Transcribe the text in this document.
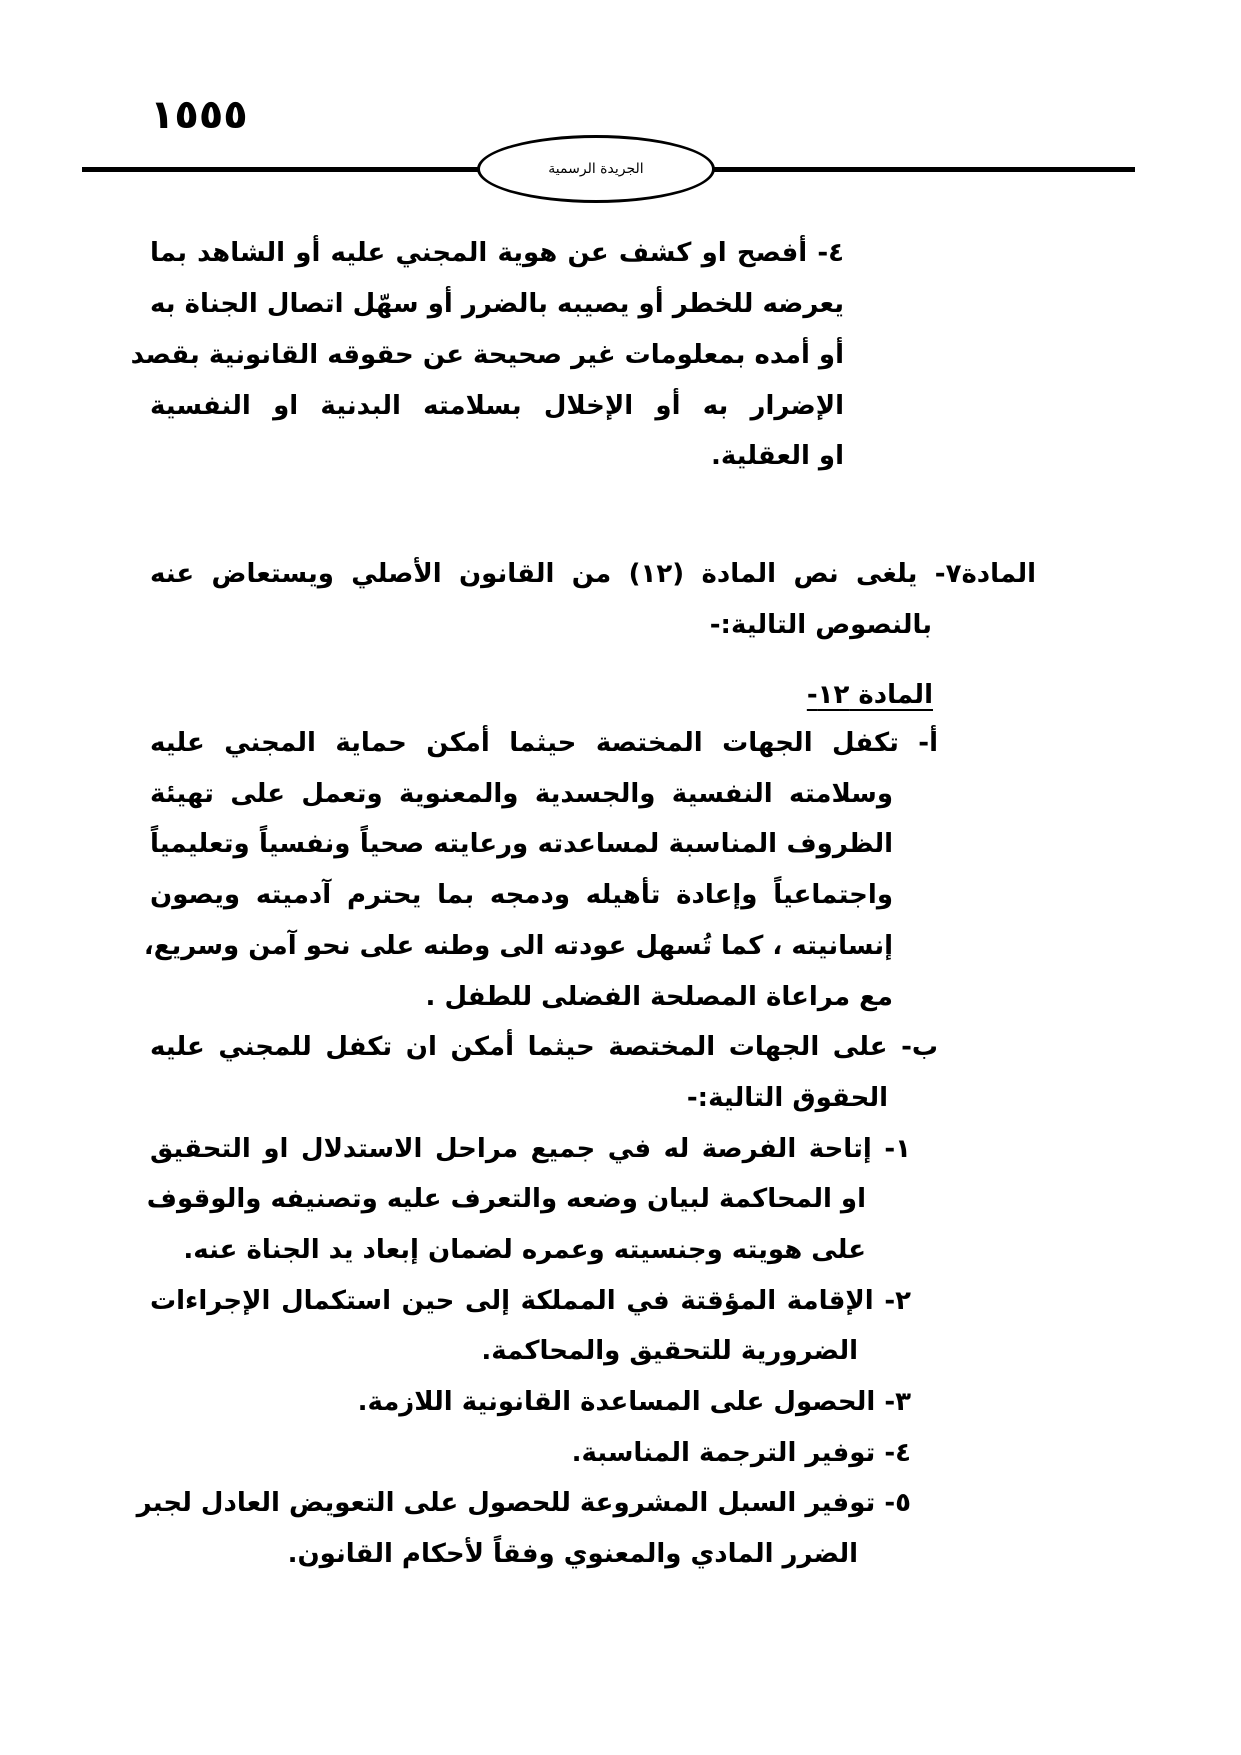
١٥٥٥
الجريدة الرسمية
٤- أفصح او كشف عن هوية المجني عليه أو الشاهد بما
يعرضه للخطر أو يصيبه بالضرر أو سهّل اتصال الجناة به
أو أمده بمعلومات غير صحيحة عن حقوقه القانونية بقصد
الإضرار به أو الإخلال بسلامته البدنية او النفسية
او العقلية.
المادة٧- يلغى نص المادة (١٢) من القانون الأصلي ويستعاض عنه
بالنصوص التالية:-
المادة ١٢-
أ- تكفل الجهات المختصة حيثما أمكن حماية المجني عليه
وسلامته النفسية والجسدية والمعنوية وتعمل على تهيئة
الظروف المناسبة لمساعدته ورعايته صحياً ونفسياً وتعليمياً
واجتماعياً وإعادة تأهيله ودمجه بما يحترم آدميته ويصون
إنسانيته ، كما تُسهل عودته الى وطنه على نحو آمن وسريع،
مع مراعاة المصلحة الفضلى للطفل .
ب- على الجهات المختصة حيثما أمكن ان تكفل للمجني عليه
الحقوق التالية:-
١- إتاحة الفرصة له في جميع مراحل الاستدلال او التحقيق
او المحاكمة لبيان وضعه والتعرف عليه وتصنيفه والوقوف
على هويته وجنسيته وعمره لضمان إبعاد يد الجناة عنه.
٢- الإقامة المؤقتة في المملكة إلى حين استكمال الإجراءات
الضرورية للتحقيق والمحاكمة.
٣- الحصول على المساعدة القانونية اللازمة.
٤- توفير الترجمة المناسبة.
٥- توفير السبل المشروعة للحصول على التعويض العادل لجبر
الضرر المادي والمعنوي وفقاً لأحكام القانون.
